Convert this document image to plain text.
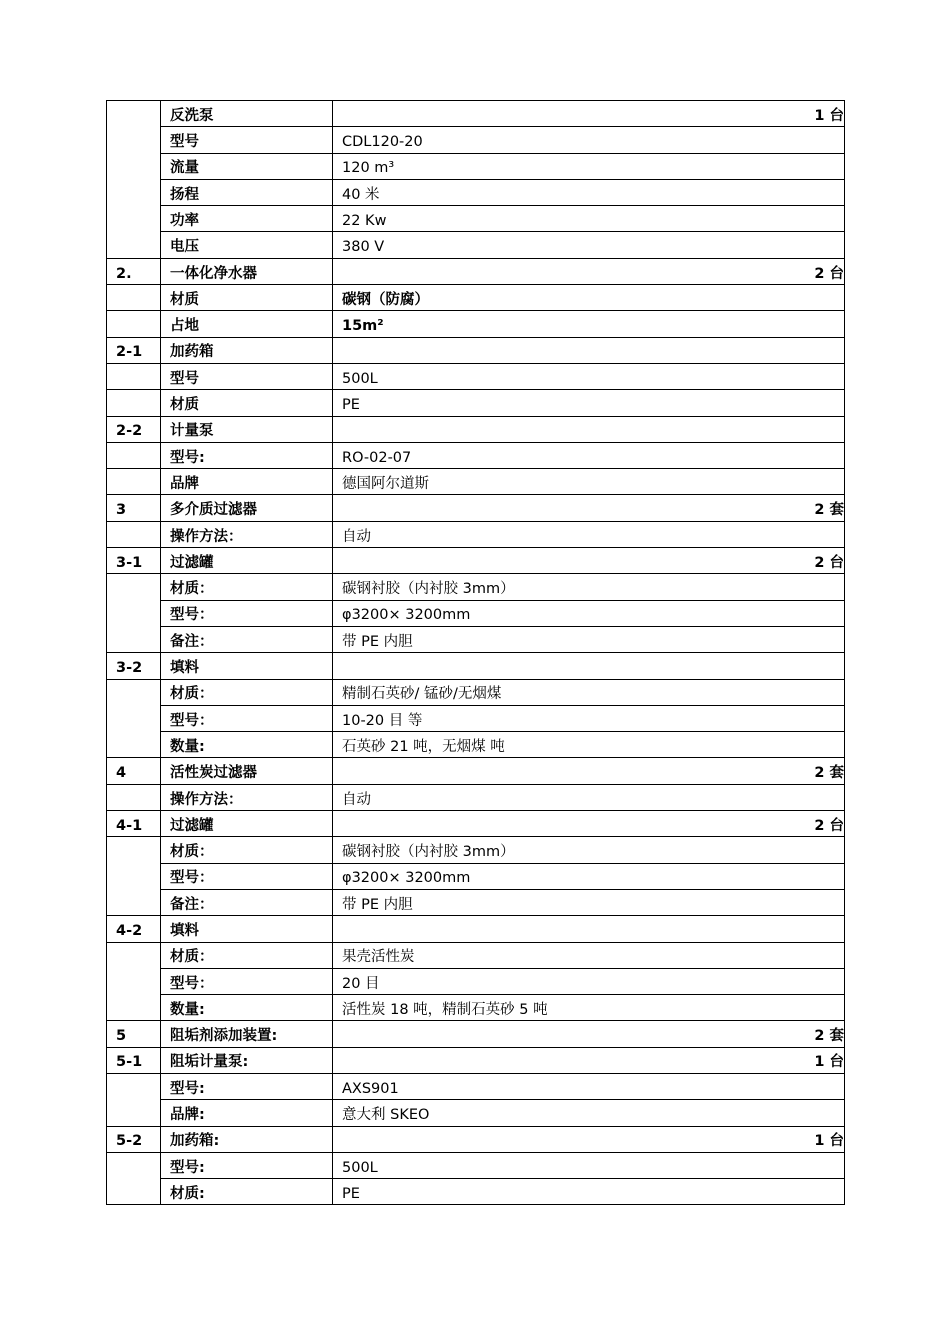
	反洗泵	1 台

	型号	CDL120-20

	流量	120 m³

	扬程	40 米

	功率	22 Kw

	电压	380 V

2.	一体化净水器	2 台

	材质	碳钢（防腐）

	占地	15m²

2-1	加药箱	

	型号	500L

	材质	PE

2-2	计量泵	

	型号:	RO-02-07

	品牌	德国阿尔道斯

3	多介质过滤器	2 套

	操作方法：	自动

3-1	过滤罐	2 台

	材质：	碳钢衬胶（内衬胶 3mm）

	型号：	φ3200× 3200mm

	备注：	带 PE 内胆

3-2	填料	

	材质：	精制石英砂/ 锰砂/无烟煤

	型号：	10-20 目 等

	数量:	石英砂 21 吨，无烟煤 吨

4	活性炭过滤器	2 套

	操作方法：	自动

4-1	过滤罐	2 台

	材质：	碳钢衬胶（内衬胶 3mm）

	型号：	φ3200× 3200mm

	备注：	带 PE 内胆

4-2	填料	

	材质：	果壳活性炭

	型号：	20 目

	数量:	活性炭 18 吨，精制石英砂 5 吨

5	阻垢剂添加装置:	2 套

5-1	阻垢计量泵:	1 台

	型号:	AXS901

	品牌:	意大利 SKEO

5-2	加药箱:	1 台

	型号:	500L

	材质:	PE
